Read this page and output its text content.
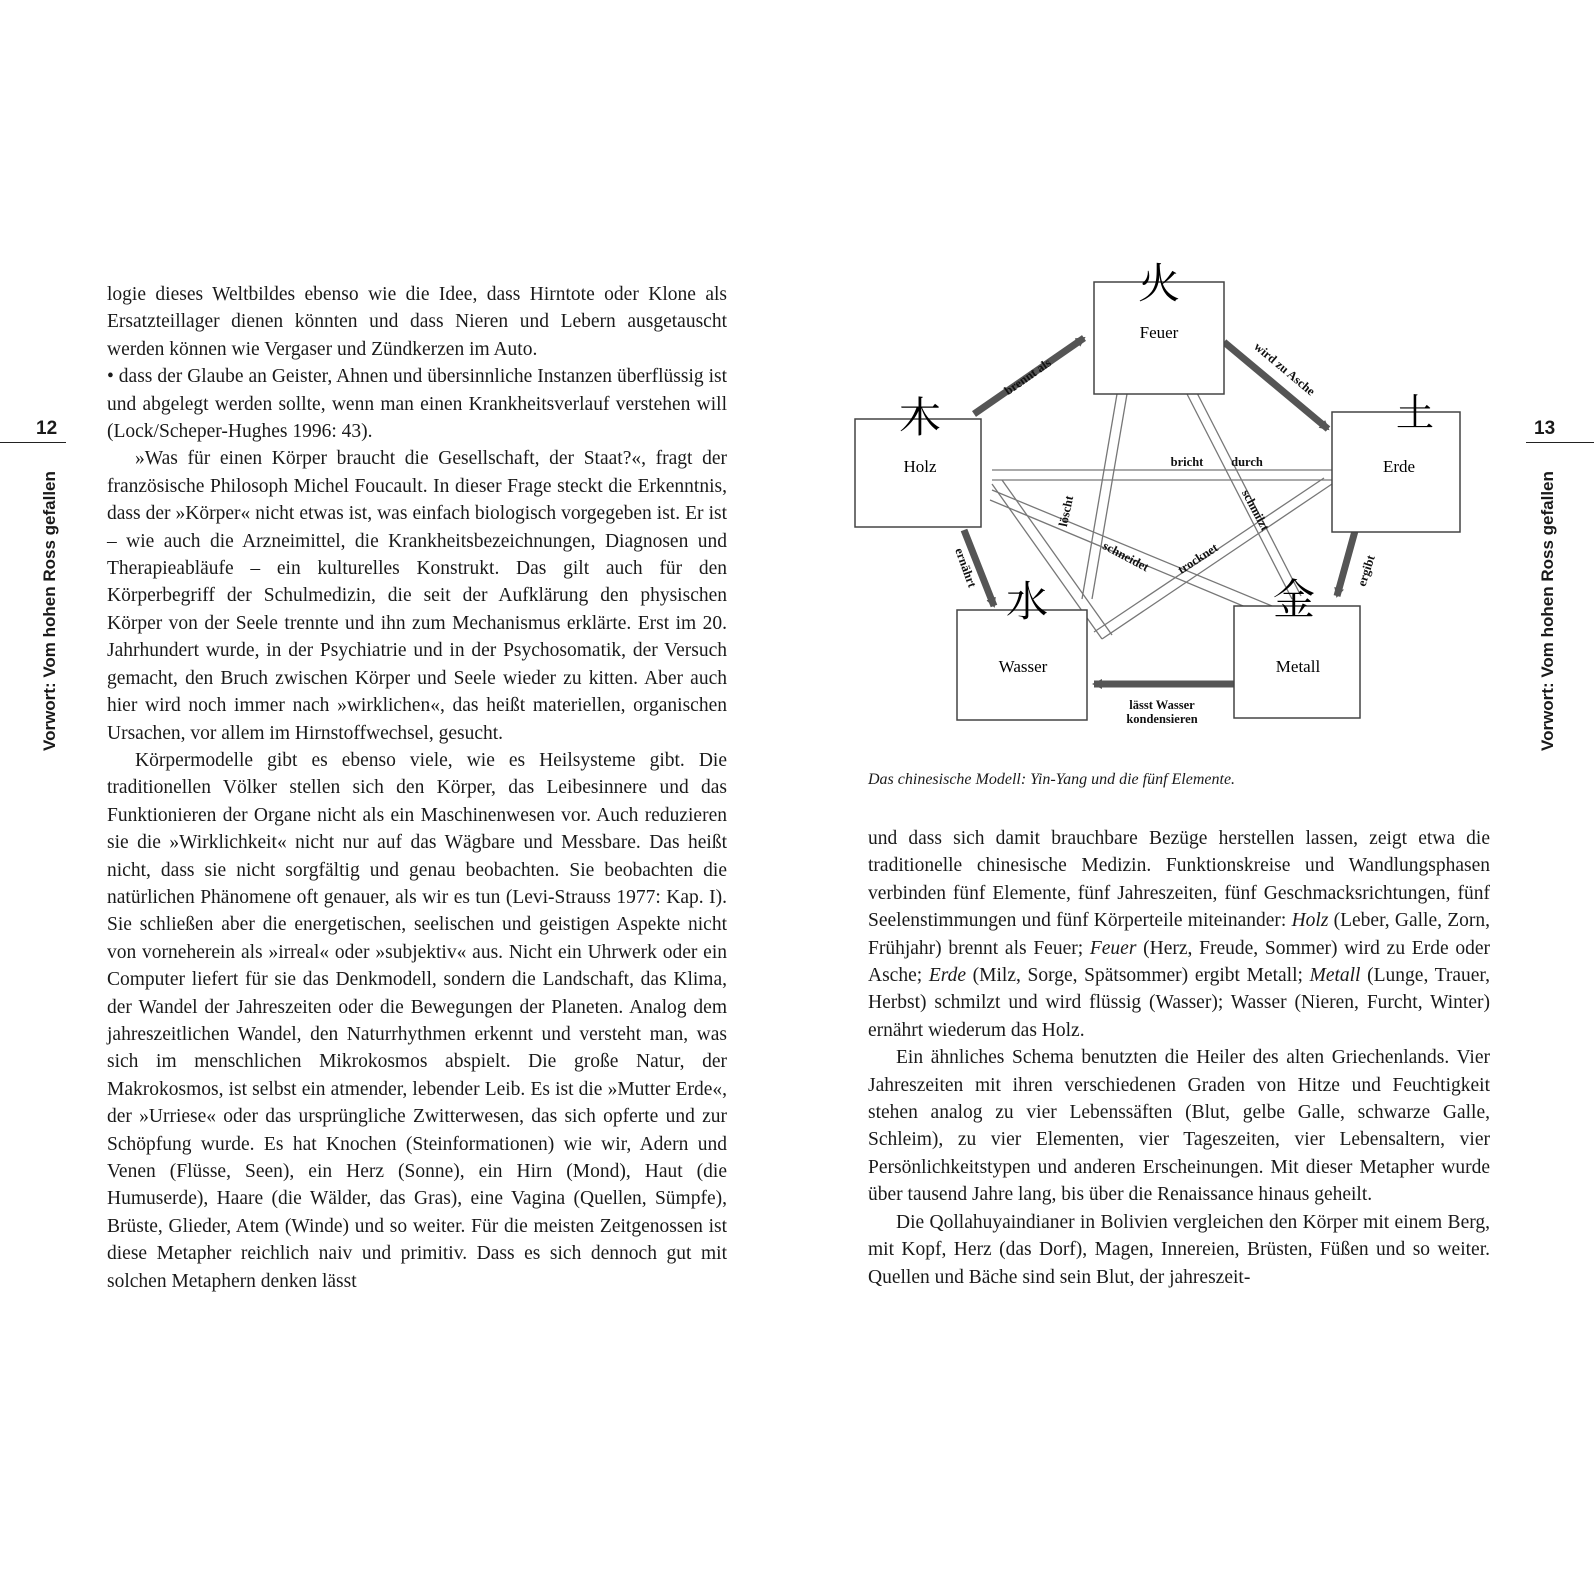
12
Vorwort: Vom hohen Ross gefallen

logie dieses Weltbildes ebenso wie die Idee, dass Hirntote oder Klone als Ersatzteillager dienen könnten und dass Nieren und Lebern ausgetauscht werden können wie Vergaser und Zündkerzen im Auto.

• dass der Glaube an Geister, Ahnen und übersinnliche Instanzen überflüssig ist und abgelegt werden sollte, wenn man einen Krankheitsverlauf verstehen will (Lock/Scheper-Hughes 1996: 43).

»Was für einen Körper braucht die Gesellschaft, der Staat?«, fragt der französische Philosoph Michel Foucault. In dieser Frage steckt die Erkenntnis, dass der »Körper« nicht etwas ist, was einfach biologisch vorgegeben ist. Er ist – wie auch die Arzneimittel, die Krankheitsbezeichnungen, Diagnosen und Therapieabläufe – ein kulturelles Konstrukt. Das gilt auch für den Körperbegriff der Schulmedizin, die seit der Aufklärung den physischen Körper von der Seele trennte und ihn zum Mechanismus erklärte. Erst im 20. Jahrhundert wurde, in der Psychiatrie und in der Psychosomatik, der Versuch gemacht, den Bruch zwischen Körper und Seele wieder zu kitten. Aber auch hier wird noch immer nach »wirklichen«, das heißt materiellen, organischen Ursachen, vor allem im Hirnstoffwechsel, gesucht.

Körpermodelle gibt es ebenso viele, wie es Heilsysteme gibt. Die traditionellen Völker stellen sich den Körper, das Leibesinnere und das Funktionieren der Organe nicht als ein Maschinenwesen vor. Auch reduzieren sie die »Wirklichkeit« nicht nur auf das Wägbare und Messbare. Das heißt nicht, dass sie nicht sorgfältig und genau beobachten. Sie beobachten die natürlichen Phänomene oft genauer, als wir es tun (Levi-Strauss 1977: Kap. I). Sie schließen aber die energetischen, seelischen und geistigen Aspekte nicht von vorneherein als »irreal« oder »subjektiv« aus. Nicht ein Uhrwerk oder ein Computer liefert für sie das Denkmodell, sondern die Landschaft, das Klima, der Wandel der Jahreszeiten oder die Bewegungen der Planeten. Analog dem jahreszeitlichen Wandel, den Naturrhythmen erkennt und versteht man, was sich im menschlichen Mikrokosmos abspielt. Die große Natur, der Makrokosmos, ist selbst ein atmender, lebender Leib. Es ist die »Mutter Erde«, der »Urriese« oder das ursprüngliche Zwitterwesen, das sich opferte und zur Schöpfung wurde. Es hat Knochen (Steinformationen) wie wir, Adern und Venen (Flüsse, Seen), ein Herz (Sonne), ein Hirn (Mond), Haut (die Humuserde), Haare (die Wälder, das Gras), eine Vagina (Quellen, Sümpfe), Brüste, Glieder, Atem (Winde) und so weiter. Für die meisten Zeitgenossen ist diese Metapher reichlich naiv und primitiv. Dass es sich dennoch gut mit solchen Metaphern denken lässt

13
Vorwort: Vom hohen Ross gefallen
Feuer
火
Holz
木
Erde
土
Wasser
水
Metall
金
brennt als	wird zu Asche
ergibt
lässt Wasser
kondensieren
ernährt
bricht durch
löscht	schmilzt
schneidet trocknet
Das chinesische Modell: Yin-Yang und die fünf Elemente.

und dass sich damit brauchbare Bezüge herstellen lassen, zeigt etwa die traditionelle chinesische Medizin. Funktionskreise und Wandlungsphasen verbinden fünf Elemente, fünf Jahreszeiten, fünf Geschmacksrichtungen, fünf Seelenstimmungen und fünf Körperteile miteinander: Holz (Leber, Galle, Zorn, Frühjahr) brennt als Feuer; Feuer (Herz, Freude, Sommer) wird zu Erde oder Asche; Erde (Milz, Sorge, Spätsommer) ergibt Metall; Metall (Lunge, Trauer, Herbst) schmilzt und wird flüssig (Wasser); Wasser (Nieren, Furcht, Winter) ernährt wiederum das Holz.

Ein ähnliches Schema benutzten die Heiler des alten Griechenlands. Vier Jahreszeiten mit ihren verschiedenen Graden von Hitze und Feuchtigkeit stehen analog zu vier Lebenssäften (Blut, gelbe Galle, schwarze Galle, Schleim), zu vier Elementen, vier Tageszeiten, vier Lebensaltern, vier Persönlichkeitstypen und anderen Erscheinungen. Mit dieser Metapher wurde über tausend Jahre lang, bis über die Renaissance hinaus geheilt.

Die Qollahuyaindianer in Bolivien vergleichen den Körper mit einem Berg, mit Kopf, Herz (das Dorf), Magen, Innereien, Brüsten, Füßen und so weiter. Quellen und Bäche sind sein Blut, der jahreszeit-
